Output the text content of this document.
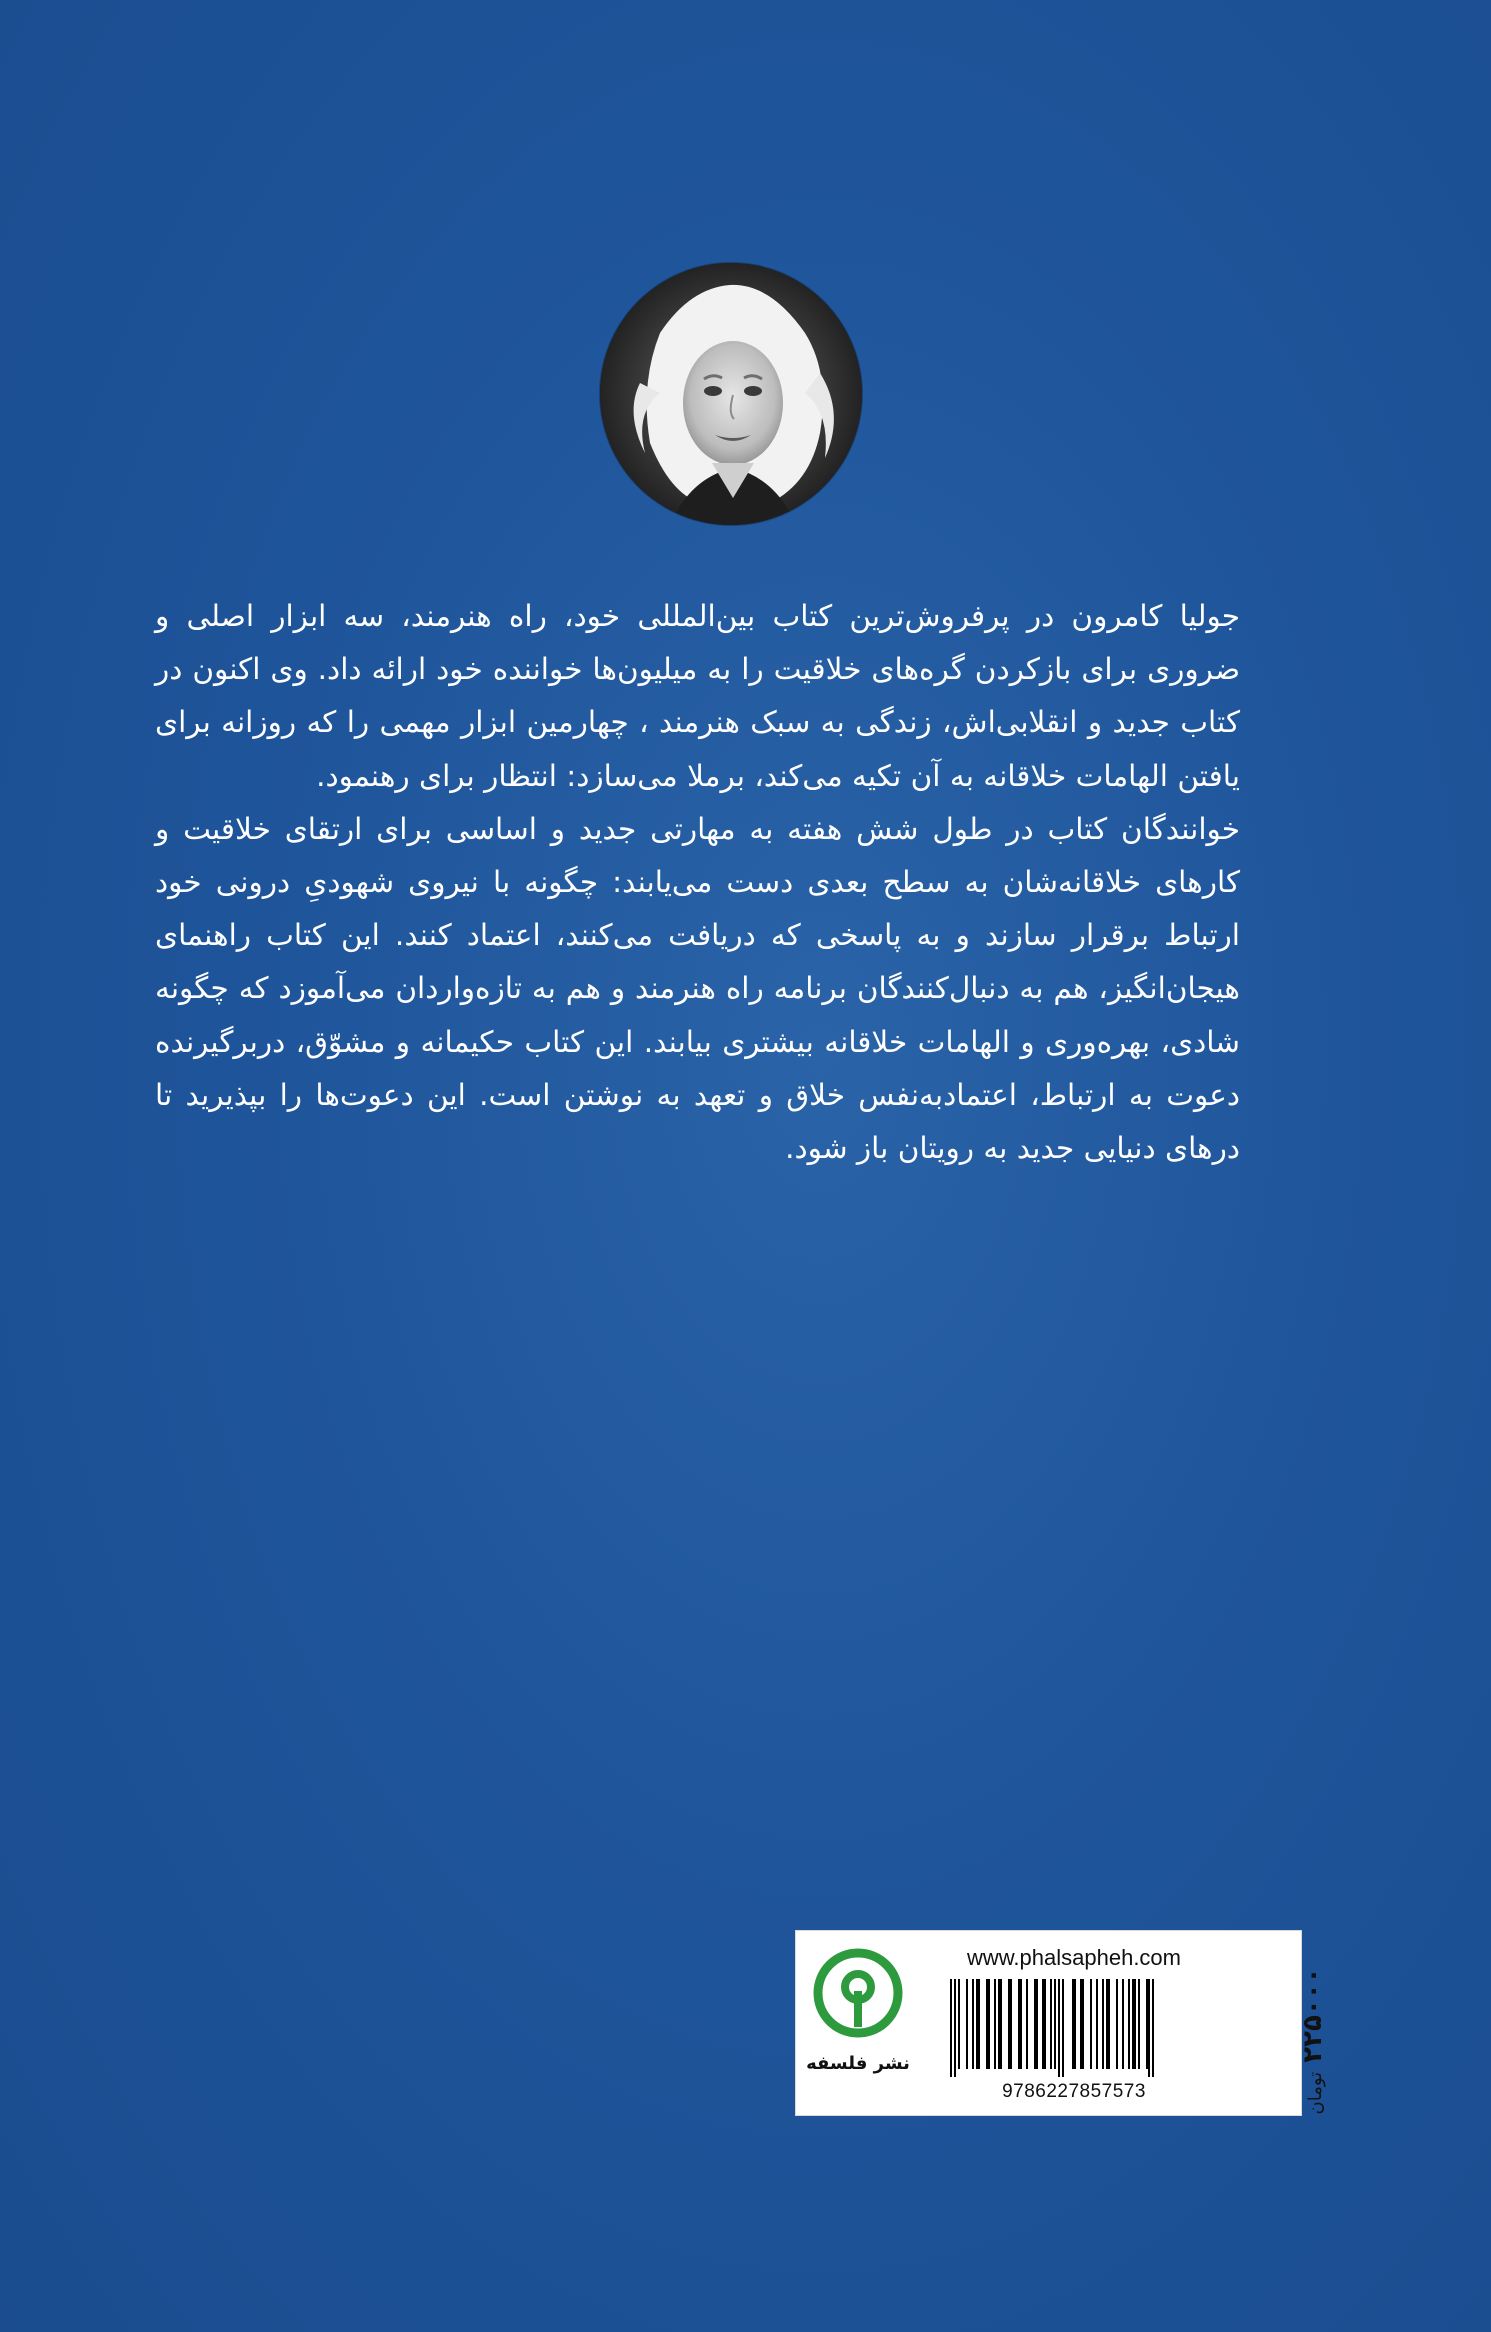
جولیا کامرون در پرفروش‌ترین کتاب بین‌المللی خود، راه هنرمند، سه ابزار اصلی و ضروری برای بازکردن گره‌های خلاقیت را به میلیون‌ها خواننده خود ارائه داد. وی اکنون در کتاب جدید و انقلابی‌اش، زندگی به سبک هنرمند ، چهارمین ابزار مهمی را که روزانه برای یافتن الهامات خلاقانه به آن تکیه می‌کند، برملا می‌سازد: انتظار برای رهنمود.

خوانندگان کتاب در طول شش هفته به مهارتی جدید و اساسی برای ارتقای خلاقیت و کارهای خلاقانه‌شان به سطح بعدی دست می‌یابند: چگونه با نیروی شهودیِ درونی خود ارتباط برقرار سازند و به پاسخی که دریافت می‌کنند، اعتماد کنند. این کتاب راهنمای هیجان‌انگیز، هم به دنبال‌کنندگان برنامه راه هنرمند و هم به تازه‌واردان می‌آموزد که چگونه شادی، بهره‌وری و الهامات خلاقانه بیشتری بیابند. این کتاب حکیمانه و مشوّق، دربرگیرنده دعوت به ارتباط، اعتمادبه‌نفس خلاق و تعهد به نوشتن است. این دعوت‌ها را بپذیرید تا درهای دنیایی جدید به رویتان باز شود.

نشر فلسفه
www.phalsapheh.com
9786227857573
۲۲۵۰۰۰ تومان
